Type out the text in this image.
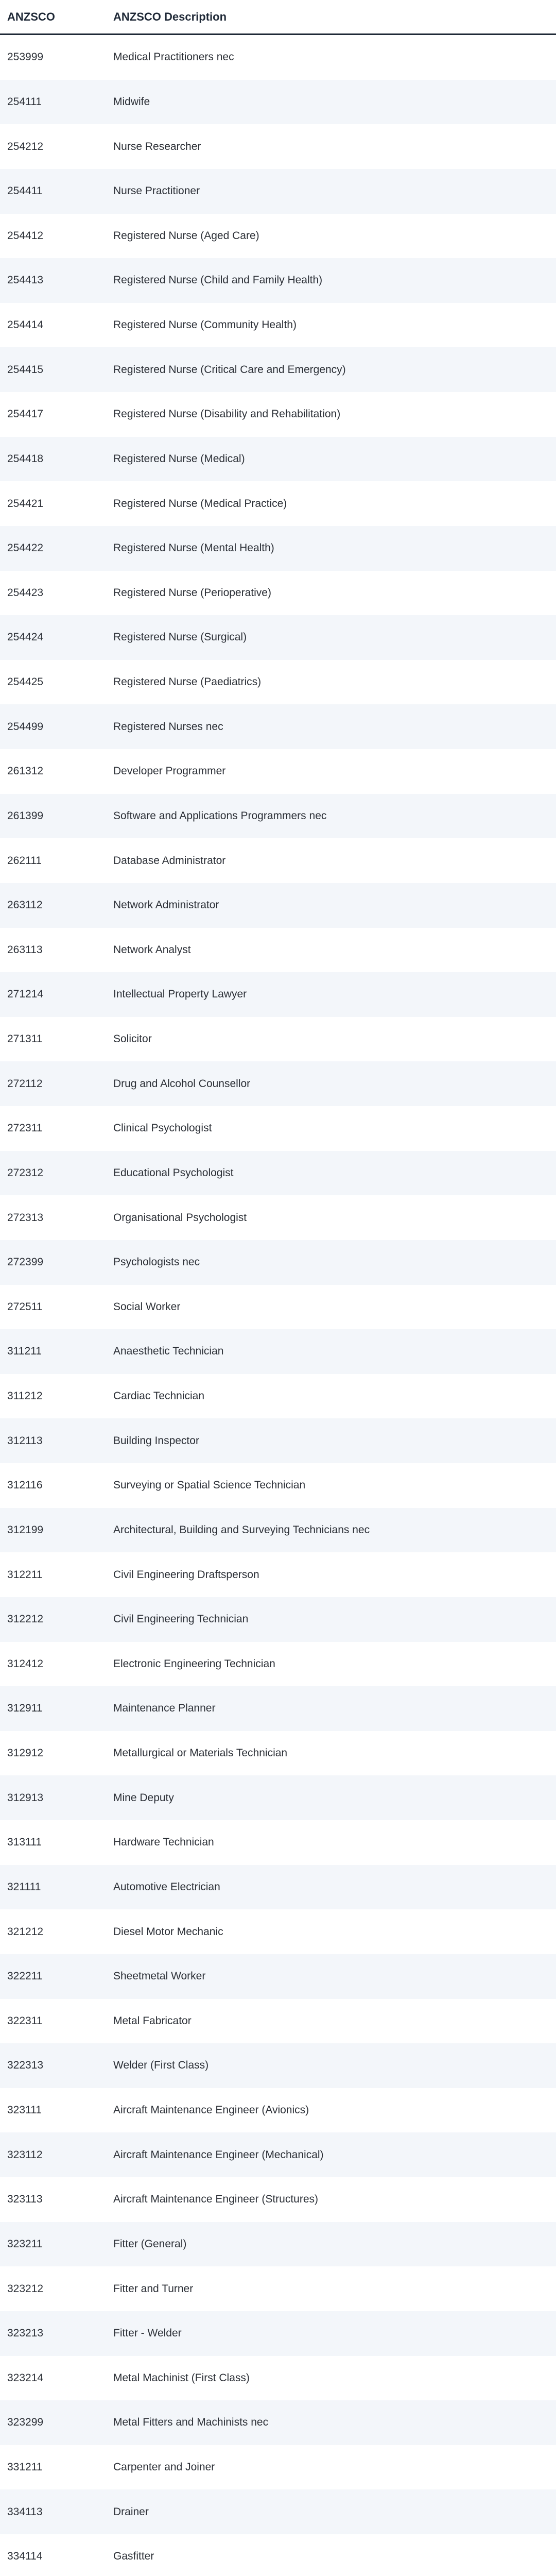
ANZSCO	ANZSCO Description
253999	Medical Practitioners nec
254111	Midwife
254212	Nurse Researcher
254411	Nurse Practitioner
254412	Registered Nurse (Aged Care)
254413	Registered Nurse (Child and Family Health)
254414	Registered Nurse (Community Health)
254415	Registered Nurse (Critical Care and Emergency)
254417	Registered Nurse (Disability and Rehabilitation)
254418	Registered Nurse (Medical)
254421	Registered Nurse (Medical Practice)
254422	Registered Nurse (Mental Health)
254423	Registered Nurse (Perioperative)
254424	Registered Nurse (Surgical)
254425	Registered Nurse (Paediatrics)
254499	Registered Nurses nec
261312	Developer Programmer
261399	Software and Applications Programmers nec
262111	Database Administrator
263112	Network Administrator
263113	Network Analyst
271214	Intellectual Property Lawyer
271311	Solicitor
272112	Drug and Alcohol Counsellor
272311	Clinical Psychologist
272312	Educational Psychologist
272313	Organisational Psychologist
272399	Psychologists nec
272511	Social Worker
311211	Anaesthetic Technician
311212	Cardiac Technician
312113	Building Inspector
312116	Surveying or Spatial Science Technician
312199	Architectural, Building and Surveying Technicians nec
312211	Civil Engineering Draftsperson
312212	Civil Engineering Technician
312412	Electronic Engineering Technician
312911	Maintenance Planner
312912	Metallurgical or Materials Technician
312913	Mine Deputy
313111	Hardware Technician
321111	Automotive Electrician
321212	Diesel Motor Mechanic
322211	Sheetmetal Worker
322311	Metal Fabricator
322313	Welder (First Class)
323111	Aircraft Maintenance Engineer (Avionics)
323112	Aircraft Maintenance Engineer (Mechanical)
323113	Aircraft Maintenance Engineer (Structures)
323211	Fitter (General)
323212	Fitter and Turner
323213	Fitter - Welder
323214	Metal Machinist (First Class)
323299	Metal Fitters and Machinists nec
331211	Carpenter and Joiner
334113	Drainer
334114	Gasfitter
